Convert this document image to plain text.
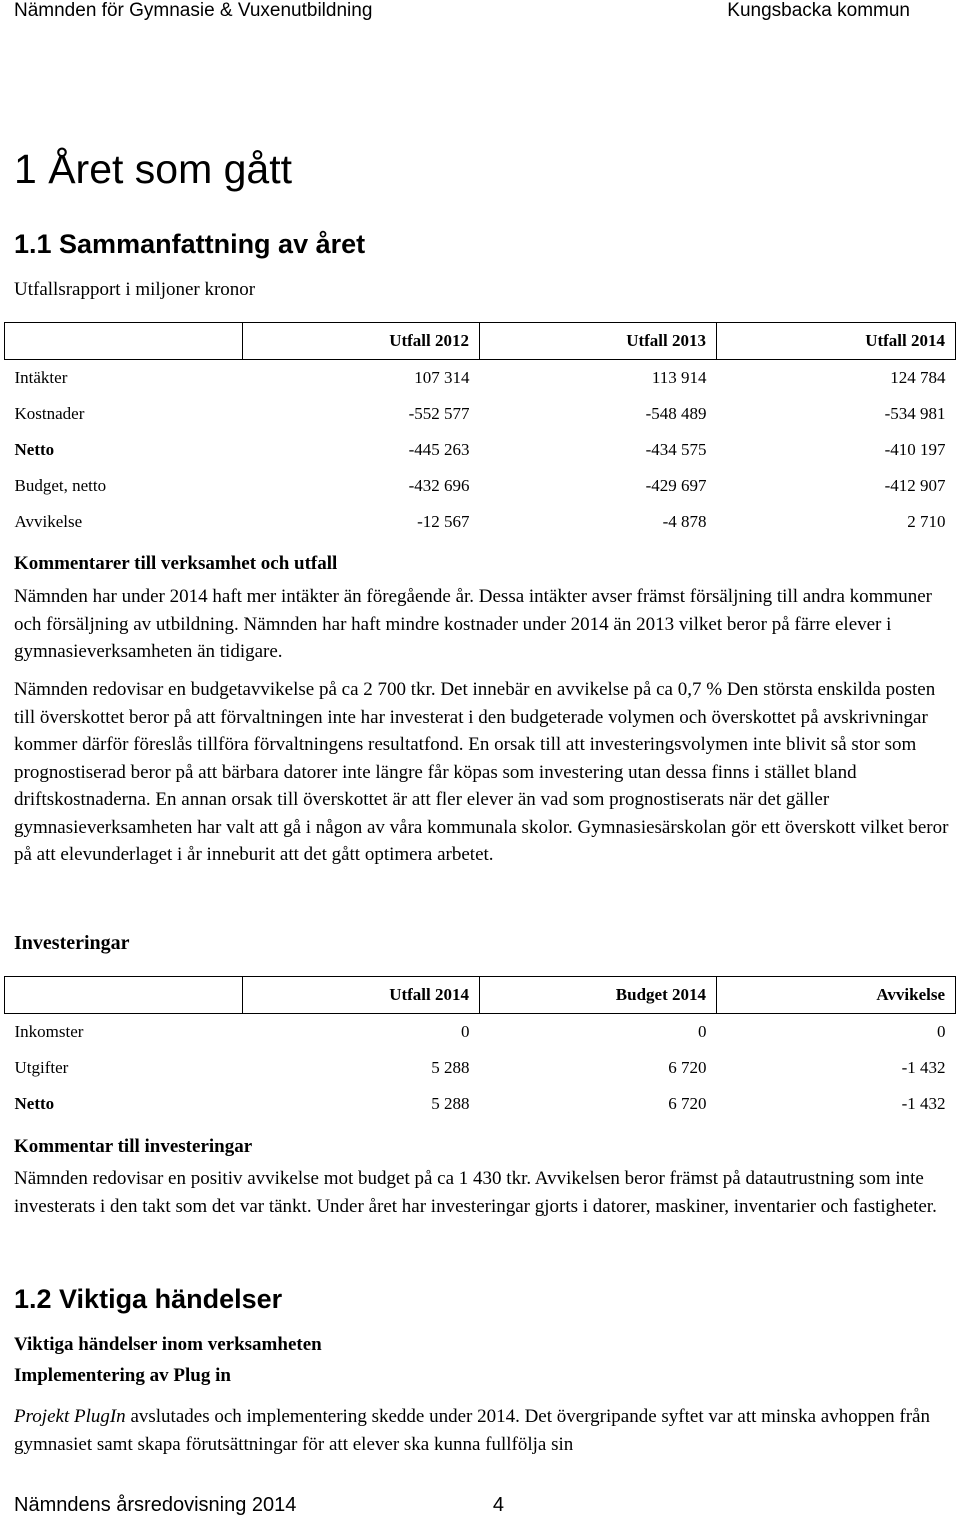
Nämnden för Gymnasie & Vuxenutbildning	Kungsbacka kommun
1 Året som gått
1.1 Sammanfattning av året
Utfallsrapport i miljoner kronor
	Utfall 2012	Utfall 2013	Utfall 2014
Intäkter	107 314	113 914	124 784
Kostnader	-552 577	-548 489	-534 981
Netto	-445 263	-434 575	-410 197
Budget, netto	-432 696	-429 697	-412 907
Avvikelse	-12 567	-4 878	2 710
Kommentarer till verksamhet och utfall

Nämnden har under 2014 haft mer intäkter än föregående år. Dessa intäkter avser främst försäljning till andra kommuner och försäljning av utbildning. Nämnden har haft mindre kostnader under 2014 än 2013 vilket beror på färre elever i gymnasieverksamheten än tidigare.

Nämnden redovisar en budgetavvikelse på ca 2 700 tkr. Det innebär en avvikelse på ca 0,7 % Den största enskilda posten till överskottet beror på att förvaltningen inte har investerat i den budgeterade volymen och överskottet på avskrivningar kommer därför föreslås tillföra förvaltningens resultatfond. En orsak till att investeringsvolymen inte blivit så stor som prognostiserad beror på att bärbara datorer inte längre får köpas som investering utan dessa finns i stället bland driftskostnaderna. En annan orsak till överskottet är att fler elever än vad som prognostiserats när det gäller gymnasieverksamheten har valt att gå i någon av våra kommunala skolor. Gymnasiesärskolan gör ett överskott vilket beror på att elevunderlaget i år inneburit att det gått optimera arbetet.

Investeringar
	Utfall 2014	Budget 2014	Avvikelse
Inkomster	0	0	0
Utgifter	5 288	6 720	-1 432
Netto	5 288	6 720	-1 432
Kommentar till investeringar

Nämnden redovisar en positiv avvikelse mot budget på ca 1 430 tkr. Avvikelsen beror främst på datautrustning som inte investerats i den takt som det var tänkt. Under året har investeringar gjorts i datorer, maskiner, inventarier och fastigheter.

1.2 Viktiga händelser
Viktiga händelser inom verksamheten
Implementering av Plug in

Projekt PlugIn avslutades och implementering skedde under 2014. Det övergripande syftet var att minska avhoppen från gymnasiet samt skapa förutsättningar för att elever ska kunna fullfölja sin

Nämndens årsredovisning 2014	4
